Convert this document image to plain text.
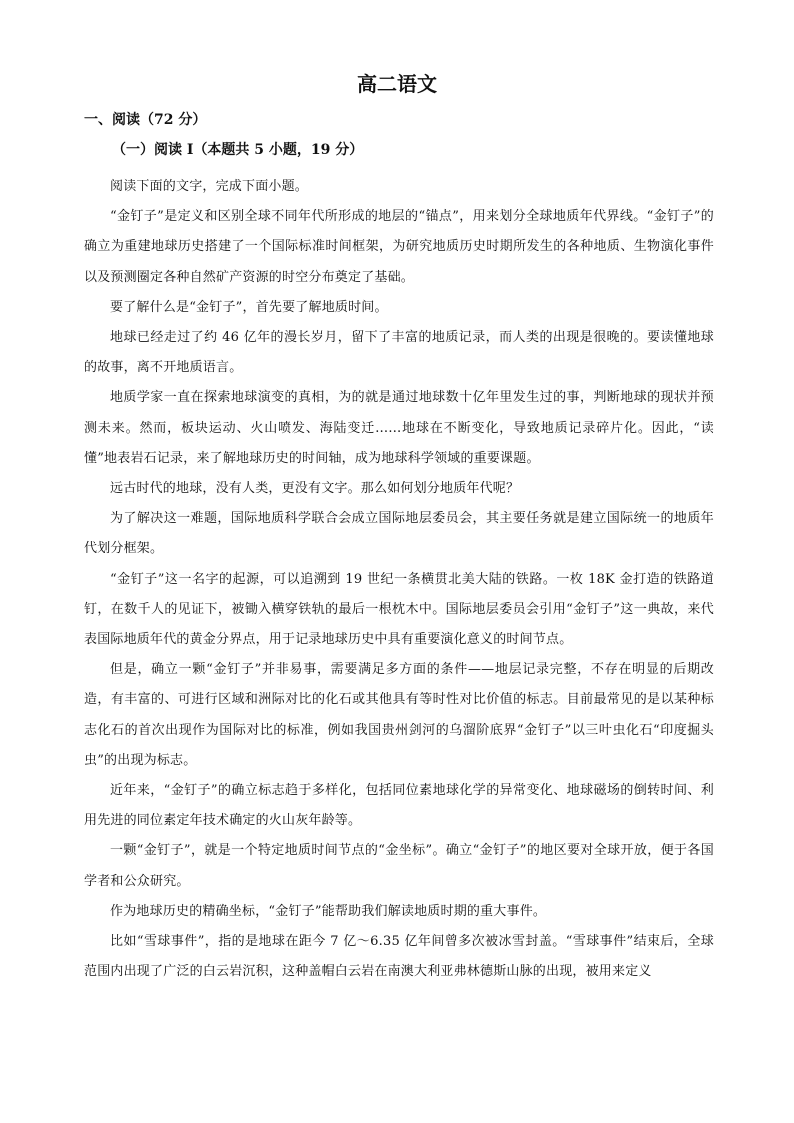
高二语文
一、阅读（72 分）
（一）阅读 I（本题共 5 小题，19 分）

阅读下面的文字，完成下面小题。

“金钉子”是定义和区别全球不同年代所形成的地层的“锚点”，用来划分全球地质年代界线。“金钉子”的确立为重建地球历史搭建了一个国际标准时间框架，为研究地质历史时期所发生的各种地质、生物演化事件以及预测圈定各种自然矿产资源的时空分布奠定了基础。

要了解什么是“金钉子”，首先要了解地质时间。

地球已经走过了约 46 亿年的漫长岁月，留下了丰富的地质记录，而人类的出现是很晚的。要读懂地球的故事，离不开地质语言。

地质学家一直在探索地球演变的真相，为的就是通过地球数十亿年里发生过的事，判断地球的现状并预测未来。然而，板块运动、火山喷发、海陆变迁……地球在不断变化，导致地质记录碎片化。因此，“读懂”地表岩石记录，来了解地球历史的时间轴，成为地球科学领域的重要课题。

远古时代的地球，没有人类，更没有文字。那么如何划分地质年代呢？

为了解决这一难题，国际地质科学联合会成立国际地层委员会，其主要任务就是建立国际统一的地质年代划分框架。

“金钉子”这一名字的起源，可以追溯到 19 世纪一条横贯北美大陆的铁路。一枚 18K 金打造的铁路道钉，在数千人的见证下，被锄入横穿铁轨的最后一根枕木中。国际地层委员会引用“金钉子”这一典故，来代表国际地质年代的黄金分界点，用于记录地球历史中具有重要演化意义的时间节点。

但是，确立一颗“金钉子”并非易事，需要满足多方面的条件——地层记录完整，不存在明显的后期改造，有丰富的、可进行区域和洲际对比的化石或其他具有等时性对比价值的标志。目前最常见的是以某种标志化石的首次出现作为国际对比的标准，例如我国贵州剑河的乌溜阶底界“金钉子”以三叶虫化石“印度掘头虫”的出现为标志。

近年来，“金钉子”的确立标志趋于多样化，包括同位素地球化学的异常变化、地球磁场的倒转时间、利用先进的同位素定年技术确定的火山灰年龄等。

一颗“金钉子”，就是一个特定地质时间节点的“金坐标”。确立“金钉子”的地区要对全球开放，便于各国学者和公众研究。

作为地球历史的精确坐标，“金钉子”能帮助我们解读地质时期的重大事件。

比如“雪球事件”，指的是地球在距今 7 亿〜6.35 亿年间曾多次被冰雪封盖。“雪球事件”结束后，全球范围内出现了广泛的白云岩沉积，这种盖帽白云岩在南澳大利亚弗林德斯山脉的出现，被用来定义
